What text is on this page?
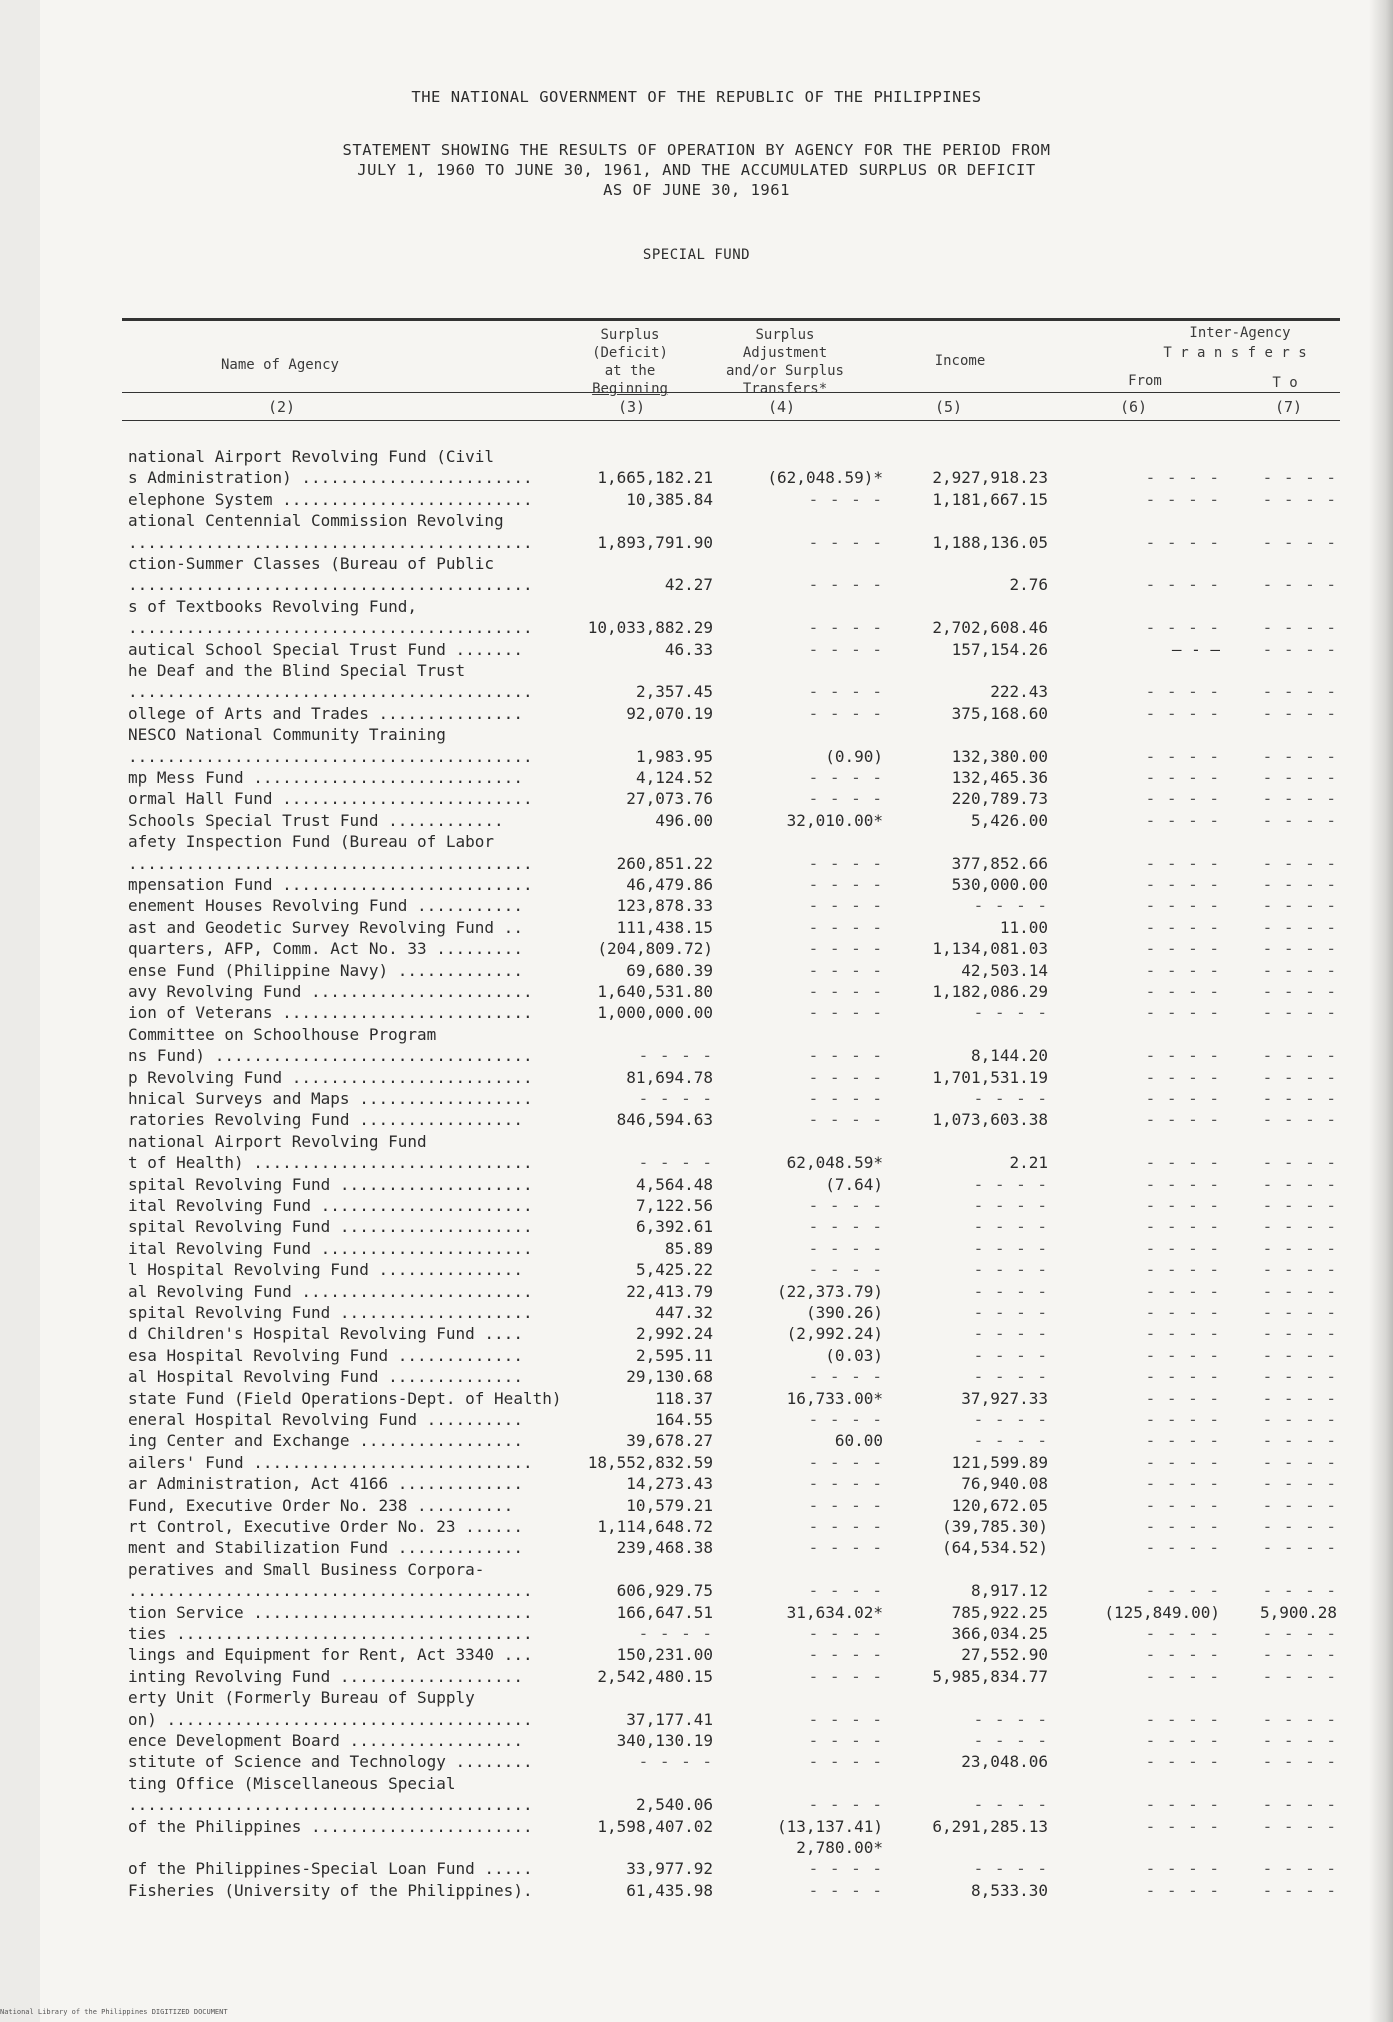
THE NATIONAL GOVERNMENT OF THE REPUBLIC OF THE PHILIPPINES
STATEMENT SHOWING THE RESULTS OF OPERATION BY AGENCY FOR THE PERIOD FROM
JULY 1, 1960 TO JUNE 30, 1961, AND THE ACCUMULATED SURPLUS OR DEFICIT
AS OF JUNE 30, 1961
SPECIAL FUND
Name of Agency
Surplus
(Deficit)
at the
Beginning
Surplus
Adjustment
and/or Surplus
Transfers*
Income
Inter-Agency
T r a n s f e r s
From	T o
(2)	(3)	(4)	(5)	(6)	(7)
national Airport Revolving Fund (Civil
s Administration) ........................	1,665,182.21	(62,048.59)*	2,927,918.23	- - - -	- - - -
elephone System ..........................	10,385.84	- - - -	1,181,667.15	- - - -	- - - -
ational Centennial Commission Revolving
..........................................	1,893,791.90	- - - -	1,188,136.05	- - - -	- - - -
ction-Summer Classes (Bureau of Public
..........................................	42.27	- - - -	2.76	- - - -	- - - -
s of Textbooks Revolving Fund,
..........................................	10,033,882.29	- - - -	2,702,608.46	- - - -	- - - -
autical School Special Trust Fund .......	46.33	- - - -	157,154.26	— - —	- - - -
he Deaf and the Blind Special Trust
..........................................	2,357.45	- - - -	222.43	- - - -	- - - -
ollege of Arts and Trades ...............	92,070.19	- - - -	375,168.60	- - - -	- - - -
NESCO National Community Training
..........................................	1,983.95	(0.90)	132,380.00	- - - -	- - - -
mp Mess Fund ............................	4,124.52	- - - -	132,465.36	- - - -	- - - -
ormal Hall Fund ..........................	27,073.76	- - - -	220,789.73	- - - -	- - - -
Schools Special Trust Fund ............	496.00	32,010.00*	5,426.00	- - - -	- - - -
afety Inspection Fund (Bureau of Labor
..........................................	260,851.22	- - - -	377,852.66	- - - -	- - - -
mpensation Fund ..........................	46,479.86	- - - -	530,000.00	- - - -	- - - -
enement Houses Revolving Fund ...........	123,878.33	- - - -	- - - -	- - - -	- - - -
ast and Geodetic Survey Revolving Fund ..	111,438.15	- - - -	11.00	- - - -	- - - -
quarters, AFP, Comm. Act No. 33 .........	(204,809.72)	- - - -	1,134,081.03	- - - -	- - - -
ense Fund (Philippine Navy) .............	69,680.39	- - - -	42,503.14	- - - -	- - - -
avy Revolving Fund .......................	1,640,531.80	- - - -	1,182,086.29	- - - -	- - - -
ion of Veterans ..........................	1,000,000.00	- - - -	- - - -	- - - -	- - - -
Committee on Schoolhouse Program
ns Fund) .................................	- - - -	- - - -	8,144.20	- - - -	- - - -
p Revolving Fund .........................	81,694.78	- - - -	1,701,531.19	- - - -	- - - -
hnical Surveys and Maps ..................	- - - -	- - - -	- - - -	- - - -	- - - -
ratories Revolving Fund .................	846,594.63	- - - -	1,073,603.38	- - - -	- - - -
national Airport Revolving Fund
t of Health) .............................	- - - -	62,048.59*	2.21	- - - -	- - - -
spital Revolving Fund ....................	4,564.48	(7.64)	- - - -	- - - -	- - - -
ital Revolving Fund ......................	7,122.56	- - - -	- - - -	- - - -	- - - -
spital Revolving Fund ....................	6,392.61	- - - -	- - - -	- - - -	- - - -
ital Revolving Fund ......................	85.89	- - - -	- - - -	- - - -	- - - -
l Hospital Revolving Fund ...............	5,425.22	- - - -	- - - -	- - - -	- - - -
al Revolving Fund ........................	22,413.79	(22,373.79)	- - - -	- - - -	- - - -
spital Revolving Fund ....................	447.32	(390.26)	- - - -	- - - -	- - - -
d Children's Hospital Revolving Fund ....	2,992.24	(2,992.24)	- - - -	- - - -	- - - -
esa Hospital Revolving Fund .............	2,595.11	(0.03)	- - - -	- - - -	- - - -
al Hospital Revolving Fund ..............	29,130.68	- - - -	- - - -	- - - -	- - - -
state Fund (Field Operations-Dept. of Health)	118.37	16,733.00*	37,927.33	- - - -	- - - -
eneral Hospital Revolving Fund ..........	164.55	- - - -	- - - -	- - - -	- - - -
ing Center and Exchange .................	39,678.27	60.00	- - - -	- - - -	- - - -
ailers' Fund .............................	18,552,832.59	- - - -	121,599.89	- - - -	- - - -
ar Administration, Act 4166 .............	14,273.43	- - - -	76,940.08	- - - -	- - - -
Fund, Executive Order No. 238 ..........	10,579.21	- - - -	120,672.05	- - - -	- - - -
rt Control, Executive Order No. 23 ......	1,114,648.72	- - - -	(39,785.30)	- - - -	- - - -
ment and Stabilization Fund .............	239,468.38	- - - -	(64,534.52)	- - - -	- - - -
peratives and Small Business Corpora-
..........................................	606,929.75	- - - -	8,917.12	- - - -	- - - -
tion Service .............................	166,647.51	31,634.02*	785,922.25	(125,849.00) 5,900.28
ties .....................................	- - - -	- - - -	366,034.25	- - - -	- - - -
lings and Equipment for Rent, Act 3340 ...	150,231.00	- - - -	27,552.90	- - - -	- - - -
inting Revolving Fund ...................	2,542,480.15	- - - -	5,985,834.77	- - - -	- - - -
erty Unit (Formerly Bureau of Supply
on) ......................................	37,177.41	- - - -	- - - -	- - - -	- - - -
ence Development Board ..................	340,130.19	- - - -	- - - -	- - - -	- - - -
stitute of Science and Technology ........	- - - -	- - - -	23,048.06	- - - -	- - - -
ting Office (Miscellaneous Special
..........................................	2,540.06	- - - -	- - - -	- - - -	- - - -
of the Philippines .......................	1,598,407.02	(13,137.41)	6,291,285.13	- - - -	- - - -
2,780.00*
of the Philippines-Special Loan Fund .....	33,977.92	- - - -	- - - -	- - - -	- - - -
Fisheries (University of the Philippines).	61,435.98	- - - -	8,533.30	- - - -	- - - -
National Library of the Philippines DIGITIZED DOCUMENT
